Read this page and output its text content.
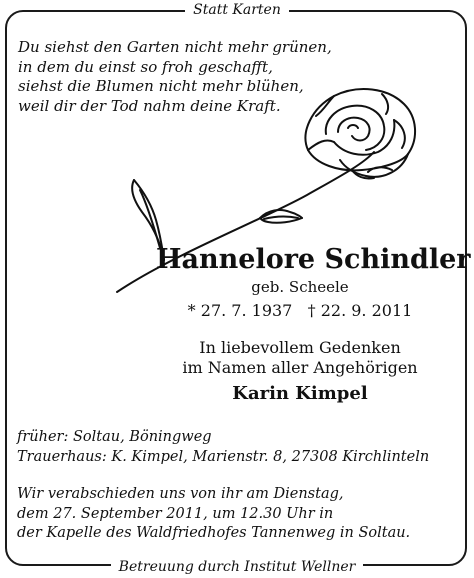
Statt Karten
Du siehst den Garten nicht mehr grünen,
in dem du einst so froh geschafft,
siehst die Blumen nicht mehr blühen,
weil dir der Tod nahm deine Kraft.
Hannelore Schindler
geb. Scheele
* 27. 7. 1937 † 22. 9. 2011
In liebevollem Gedenken
im Namen aller Angehörigen
Karin Kimpel
früher: Soltau, Böningweg
Trauerhaus: K. Kimpel, Marienstr. 8, 27308 Kirchlinteln
Wir verabschieden uns von ihr am Dienstag,
dem 27. September 2011, um 12.30 Uhr in
der Kapelle des Waldfriedhofes Tannenweg in Soltau.
Betreuung durch Institut Wellner
